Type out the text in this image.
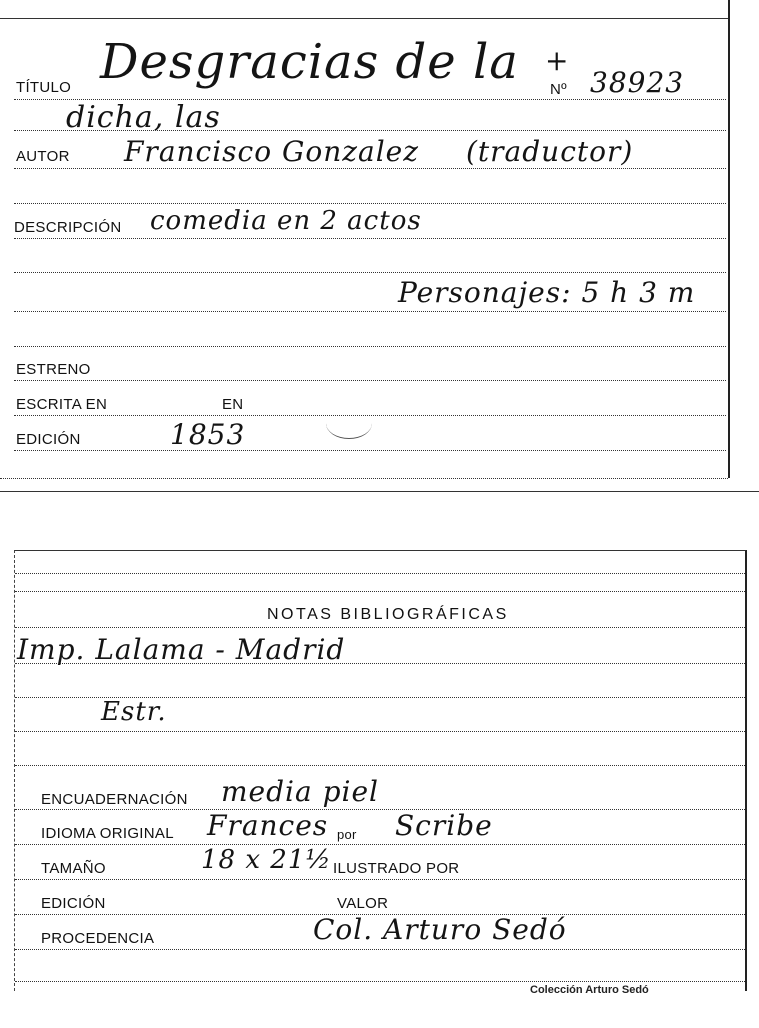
TÍTULO Desgracias de la +
Nº 38923
dicha, las
AUTOR Francisco Gonzalez (traductor)
DESCRIPCIÓN comedia en 2 actos
Personajes: 5 h 3 m
ESTRENO
ESCRITA EN	EN
EDICIÓN	1853
NOTAS BIBLIOGRÁFICAS
Imp. Lalama - Madrid
Estr.
ENCUADERNACIÓN media piel
IDIOMA ORIGINAL Frances por Scribe
TAMAÑO	18 x 21½ ILUSTRADO POR
EDICIÓN	VALOR
PROCEDENCIA	Col. Arturo Sedó
Colección Arturo Sedó
